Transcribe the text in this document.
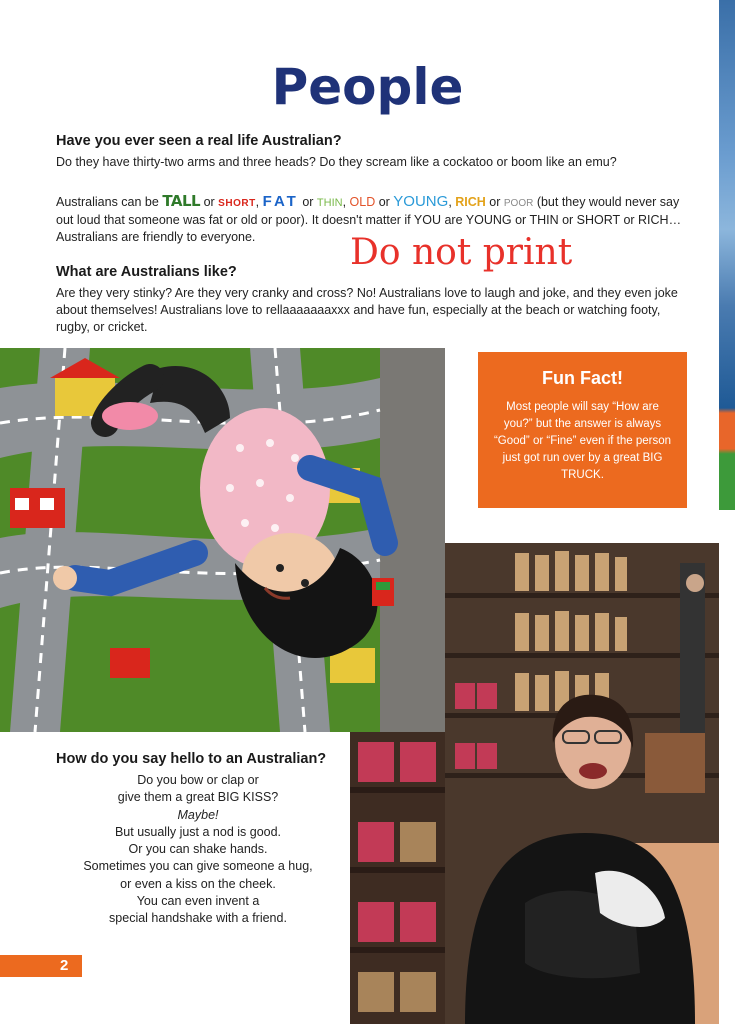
People
Have you ever seen a real life Australian?
Do they have thirty-two arms and three heads? Do they scream like a cockatoo or boom like an emu?
Australians can be TALL or SHORT, FAT or THIN, OLD or YOUNG, RICH or POOR (but they would never say out loud that someone was fat or old or poor). It doesn't matter if YOU are YOUNG or THIN or SHORT or RICH… Australians are friendly to everyone.	Do not print
What are Australians like?
Are they very stinky? Are they very cranky and cross? No! Australians love to laugh and joke, and they even joke about themselves! Australians love to rellaaaaaaaxxx and have fun, especially at the beach or watching footy, rugby, or cricket.
Fun Fact!
Most people will say “How are you?” but the answer is always “Good” or “Fine” even if the person just got run over by a great BIG TRUCK.
How do you say hello to an Australian?
Do you bow or clap or
give them a great BIG KISS?
Maybe!
But usually just a nod is good.
Or you can shake hands.
Sometimes you can give someone a hug,
or even a kiss on the cheek.
You can even invent a
special handshake with a friend.
2
